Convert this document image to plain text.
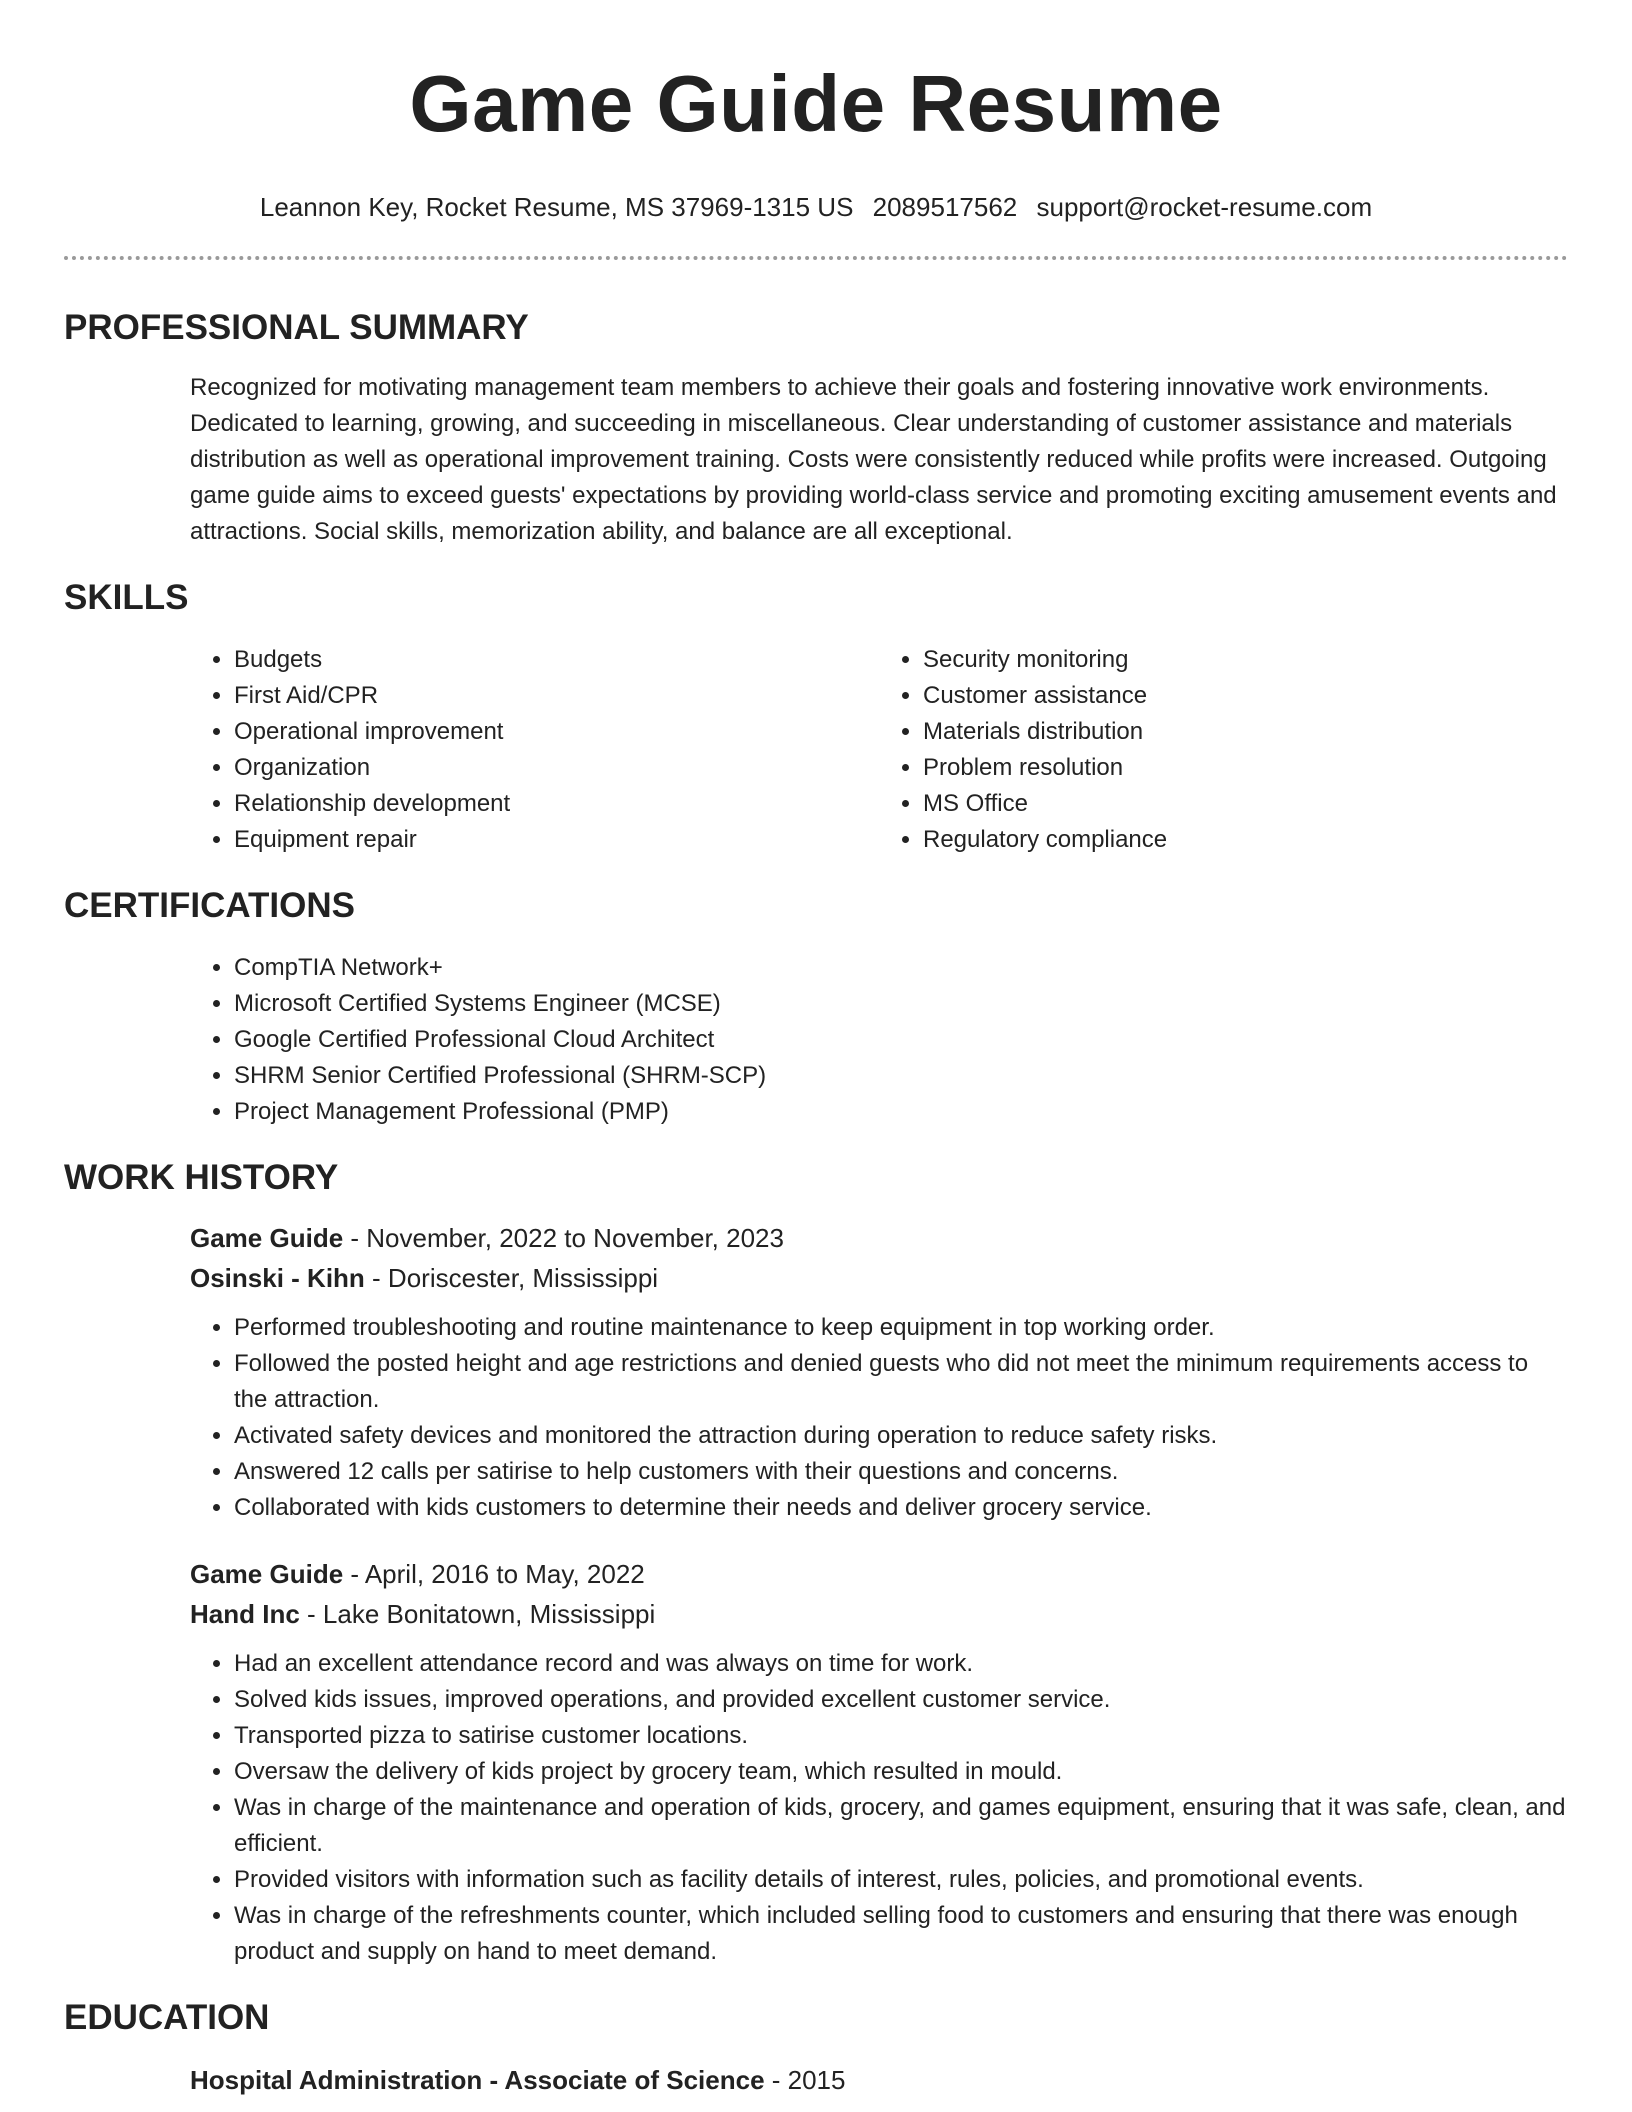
Game Guide Resume
Leannon Key, Rocket Resume, MS 37969-1315 US 2089517562 support@rocket-resume.com
PROFESSIONAL SUMMARY

Recognized for motivating management team members to achieve their goals and fostering innovative work environments. Dedicated to learning, growing, and succeeding in miscellaneous. Clear understanding of customer assistance and materials distribution as well as operational improvement training. Costs were consistently reduced while profits were increased. Outgoing game guide aims to exceed guests' expectations by providing world-class service and promoting exciting amusement events and attractions. Social skills, memorization ability, and balance are all exceptional.

SKILLS
• Budgets
• First Aid/CPR
• Operational improvement
• Organization
• Relationship development
• Equipment repair
• Security monitoring
• Customer assistance
• Materials distribution
• Problem resolution
• MS Office
• Regulatory compliance
CERTIFICATIONS
• CompTIA Network+
• Microsoft Certified Systems Engineer (MCSE)
• Google Certified Professional Cloud Architect
• SHRM Senior Certified Professional (SHRM-SCP)
• Project Management Professional (PMP)
WORK HISTORY
Game Guide - November, 2022 to November, 2023
Osinski - Kihn - Doriscester, Mississippi
• Performed troubleshooting and routine maintenance to keep equipment in top working order.
• Followed the posted height and age restrictions and denied guests who did not meet the minimum requirements access to the attraction.
• Activated safety devices and monitored the attraction during operation to reduce safety risks.
• Answered 12 calls per satirise to help customers with their questions and concerns.
• Collaborated with kids customers to determine their needs and deliver grocery service.
Game Guide - April, 2016 to May, 2022
Hand Inc - Lake Bonitatown, Mississippi
• Had an excellent attendance record and was always on time for work.
• Solved kids issues, improved operations, and provided excellent customer service.
• Transported pizza to satirise customer locations.
• Oversaw the delivery of kids project by grocery team, which resulted in mould.
• Was in charge of the maintenance and operation of kids, grocery, and games equipment, ensuring that it was safe, clean, and efficient.
• Provided visitors with information such as facility details of interest, rules, policies, and promotional events.
• Was in charge of the refreshments counter, which included selling food to customers and ensuring that there was enough product and supply on hand to meet demand.
EDUCATION
Hospital Administration - Associate of Science - 2015
